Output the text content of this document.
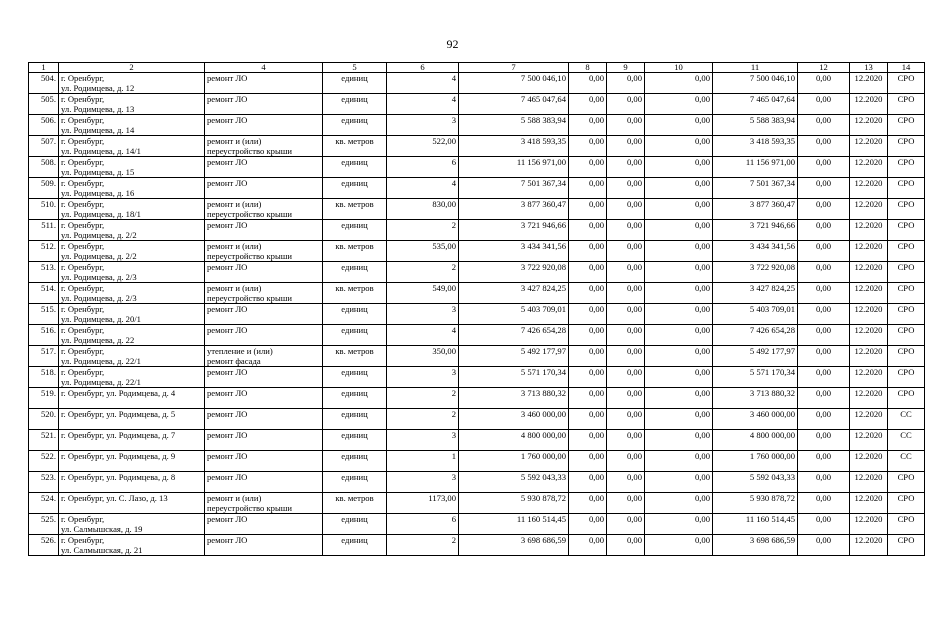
92
1	2	4	5	6	7	8	9	10	11	12	13	14
504.	г. Оренбург,
ул. Родимцева, д. 12	ремонт ЛО	единиц	4	7 500 046,10	0,00	0,00	0,00	7 500 046,10	0,00	12.2020	СРО
505.	г. Оренбург,
ул. Родимцева, д. 13	ремонт ЛО	единиц	4	7 465 047,64	0,00	0,00	0,00	7 465 047,64	0,00	12.2020	СРО
506.	г. Оренбург,
ул. Родимцева, д. 14	ремонт ЛО	единиц	3	5 588 383,94	0,00	0,00	0,00	5 588 383,94	0,00	12.2020	СРО
507.	г. Оренбург,
ул. Родимцева, д. 14/1	ремонт и (или)
переустройство крыши	кв. метров	522,00	3 418 593,35	0,00	0,00	0,00	3 418 593,35	0,00	12.2020	СРО
508.	г. Оренбург,
ул. Родимцева, д. 15	ремонт ЛО	единиц	6	11 156 971,00	0,00	0,00	0,00	11 156 971,00	0,00	12.2020	СРО
509.	г. Оренбург,
ул. Родимцева, д. 16	ремонт ЛО	единиц	4	7 501 367,34	0,00	0,00	0,00	7 501 367,34	0,00	12.2020	СРО
510.	г. Оренбург,
ул. Родимцева, д. 18/1	ремонт и (или)
переустройство крыши	кв. метров	830,00	3 877 360,47	0,00	0,00	0,00	3 877 360,47	0,00	12.2020	СРО
511.	г. Оренбург,
ул. Родимцева, д. 2/2	ремонт ЛО	единиц	2	3 721 946,66	0,00	0,00	0,00	3 721 946,66	0,00	12.2020	СРО
512.	г. Оренбург,
ул. Родимцева, д. 2/2	ремонт и (или)
переустройство крыши	кв. метров	535,00	3 434 341,56	0,00	0,00	0,00	3 434 341,56	0,00	12.2020	СРО
513.	г. Оренбург,
ул. Родимцева, д. 2/3	ремонт ЛО	единиц	2	3 722 920,08	0,00	0,00	0,00	3 722 920,08	0,00	12.2020	СРО
514.	г. Оренбург,
ул. Родимцева, д. 2/3	ремонт и (или)
переустройство крыши	кв. метров	549,00	3 427 824,25	0,00	0,00	0,00	3 427 824,25	0,00	12.2020	СРО
515.	г. Оренбург,
ул. Родимцева, д. 20/1	ремонт ЛО	единиц	3	5 403 709,01	0,00	0,00	0,00	5 403 709,01	0,00	12.2020	СРО
516.	г. Оренбург,
ул. Родимцева, д. 22	ремонт ЛО	единиц	4	7 426 654,28	0,00	0,00	0,00	7 426 654,28	0,00	12.2020	СРО
517.	г. Оренбург,
ул. Родимцева, д. 22/1	утепление и (или)
ремонт фасада	кв. метров	350,00	5 492 177,97	0,00	0,00	0,00	5 492 177,97	0,00	12.2020	СРО
518.	г. Оренбург,
ул. Родимцева, д. 22/1	ремонт ЛО	единиц	3	5 571 170,34	0,00	0,00	0,00	5 571 170,34	0,00	12.2020	СРО
519.	г. Оренбург, ул. Родимцева, д. 4	ремонт ЛО	единиц	2	3 713 880,32	0,00	0,00	0,00	3 713 880,32	0,00	12.2020	СРО
520.	г. Оренбург, ул. Родимцева, д. 5	ремонт ЛО	единиц	2	3 460 000,00	0,00	0,00	0,00	3 460 000,00	0,00	12.2020	СС
521.	г. Оренбург, ул. Родимцева, д. 7	ремонт ЛО	единиц	3	4 800 000,00	0,00	0,00	0,00	4 800 000,00	0,00	12.2020	СС
522.	г. Оренбург, ул. Родимцева, д. 9	ремонт ЛО	единиц	1	1 760 000,00	0,00	0,00	0,00	1 760 000,00	0,00	12.2020	СС
523.	г. Оренбург, ул. Родимцева, д. 8	ремонт ЛО	единиц	3	5 592 043,33	0,00	0,00	0,00	5 592 043,33	0,00	12.2020	СРО
524.	г. Оренбург, ул. С. Лазо, д. 13	ремонт и (или)
переустройство крыши	кв. метров	1173,00	5 930 878,72	0,00	0,00	0,00	5 930 878,72	0,00	12.2020	СРО
525.	г. Оренбург,
ул. Салмышская, д. 19	ремонт ЛО	единиц	6	11 160 514,45	0,00	0,00	0,00	11 160 514,45	0,00	12.2020	СРО
526.	г. Оренбург,
ул. Салмышская, д. 21	ремонт ЛО	единиц	2	3 698 686,59	0,00	0,00	0,00	3 698 686,59	0,00	12.2020	СРО
